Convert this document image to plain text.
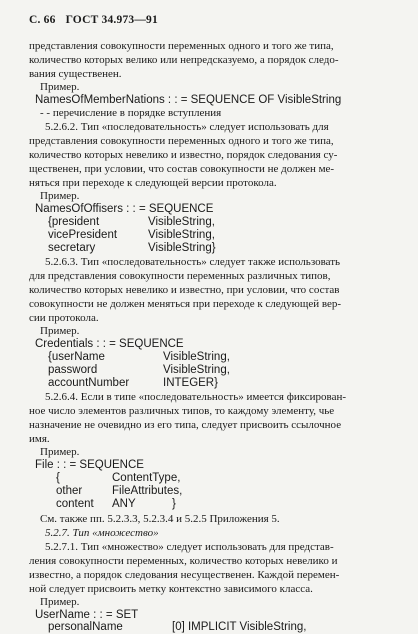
С. 66 ГОСТ 34.973—91
представления совокупности переменных одного и того же типа,
количество которых велико или непредсказуемо, а порядок следо-
вания существенен.
Пример.
NamesOfMemberNations : : = SEQUENCE OF VisibleString
- - перечисление в порядке вступления
5.2.6.2. Тип «последовательность» следует использовать для
представления совокупности переменных одного и того же типа,
количество которых невелико и известно, порядок следования су-
щественен, при условии, что состав совокупности не должен ме-
няться при переходе к следующей версии протокола.
Пример.
NamesOfOffisers : : = SEQUENCE
{president	VisibleString,
vicePresident	VisibleString,
secretary	VisibleString}
5.2.6.3. Тип «последовательность» следует также использовать
для представления совокупности переменных различных типов,
количество которых невелико и известно, при условии, что состав
совокупности не должен меняться при переходе к следующей вер-
сии протокола.
Пример.
Credentials : : = SEQUENCE
{userName	VisibleString,
password	VisibleString,
accountNumber	INTEGER}
5.2.6.4. Если в типе «последовательность» имеется фиксирован-
ное число элементов различных типов, то каждому элементу, чье
назначение не очевидно из его типа, следует присвоить ссылочное
имя.
Пример.
File : : = SEQUENCE
{	ContentType,
other	FileAttributes,
content ANY	}
См. также пп. 5.2.3.3, 5.2.3.4 и 5.2.5 Приложения 5.
5.2.7. Тип «множество»
5.2.7.1. Тип «множество» следует использовать для представ-
ления совокупности переменных, количество которых невелико и
известно, а порядок следования несущественен. Каждой перемен-
ной следует присвоить метку контекстно зависимого класса.
Пример.
UserName : : = SET
personalName	[0] IMPLICIT VisibleString,
